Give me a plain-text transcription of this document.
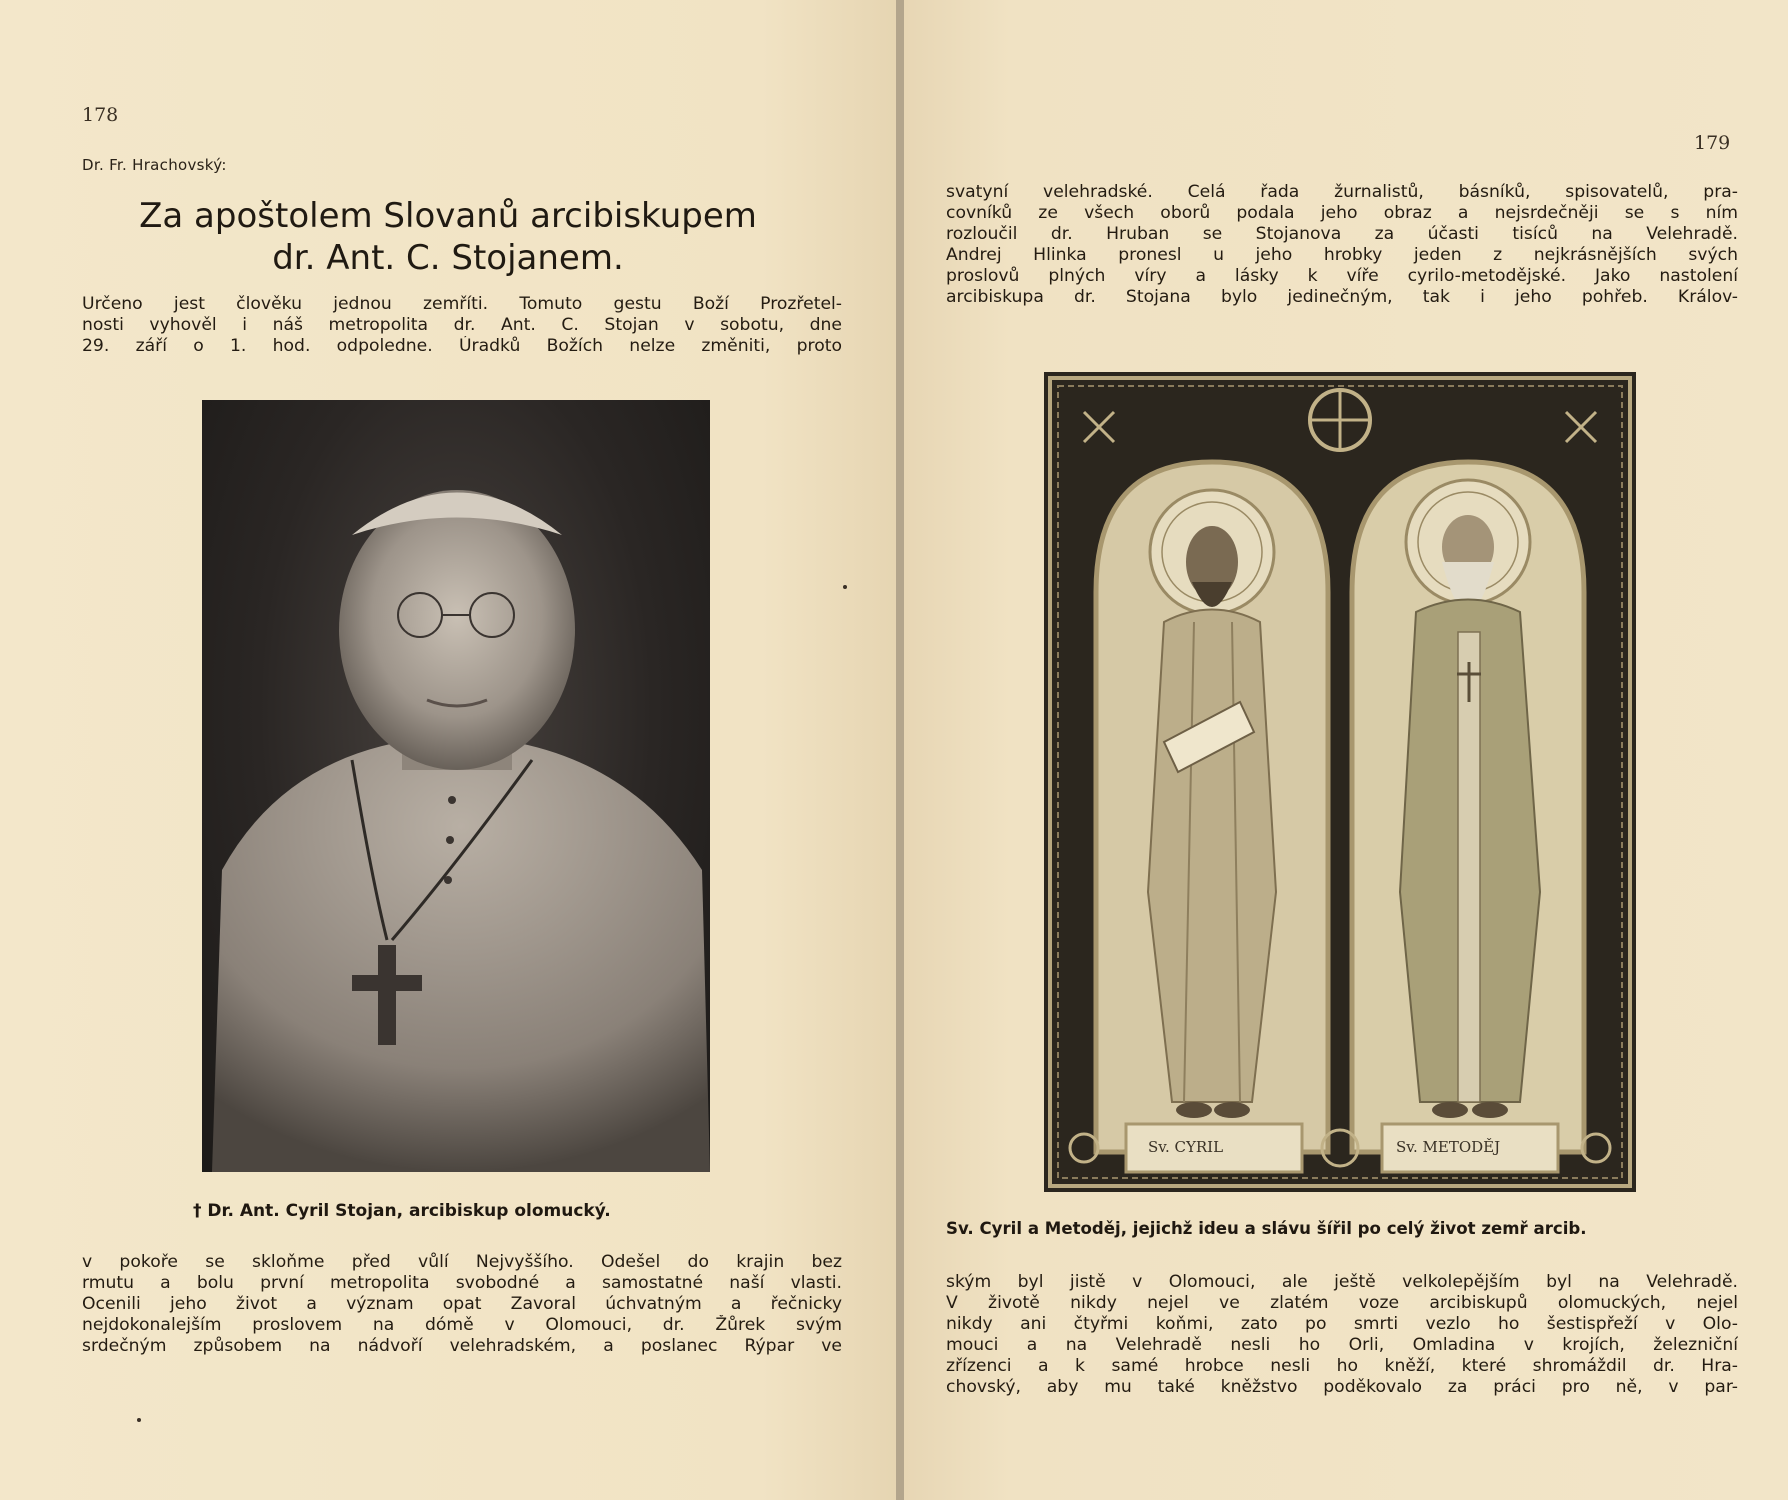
178
Dr. Fr. Hrachovský:
Za apoštolem Slovanů arcibiskupem
dr. Ant. C. Stojanem.
Určeno jest člověku jednou zemříti. Tomuto gestu Boží Prozřetel-
nosti vyhověl i náš metropolita dr. Ant. C. Stojan v sobotu, dne
29. září o 1. hod. odpoledne. Úradků Božích nelze změniti, proto
† Dr. Ant. Cyril Stojan, arcibiskup olomucký.
v pokoře se skloňme před vůlí Nejvyššího. Odešel do krajin bez
rmutu a bolu první metropolita svobodné a samostatné naší vlasti.
Ocenili jeho život a význam opat Zavoral úchvatným a řečnicky
nejdokonalejším proslovem na dómě v Olomouci, dr. Žůrek svým
srdečným způsobem na nádvoří velehradském, a poslanec Rýpar ve
179
svatyní velehradské. Celá řada žurnalistů, básníků, spisovatelů, pra-
covníků ze všech oborů podala jeho obraz a nejsrdečněji se s ním
rozloučil dr. Hruban se Stojanova za účasti tisíců na Velehradě.
Andrej Hlinka pronesl u jeho hrobky jeden z nejkrásnějších svých
proslovů plných víry a lásky k víře cyrilo-metodějské. Jako nastolení
arcibiskupa dr. Stojana bylo jedinečným, tak i jeho pohřeb. Králov-
Sv. Cyril a Metoděj, jejichž ideu a slávu šířil po celý život zemř arcib.
ským byl jistě v Olomouci, ale ještě velkolepějším byl na Velehradě.
V životě nikdy nejel ve zlatém voze arcibiskupů olomuckých, nejel
nikdy ani čtyřmi koňmi, zato po smrti vezlo ho šestispřeží v Olo-
mouci a na Velehradě nesli ho Orli, Omladina v krojích, železniční
zřízenci a k samé hrobce nesli ho kněží, které shromáždil dr. Hra-
chovský, aby mu také kněžstvo poděkovalo za práci pro ně, v par-
Sv. CYRIL	Sv. METODĚJ
